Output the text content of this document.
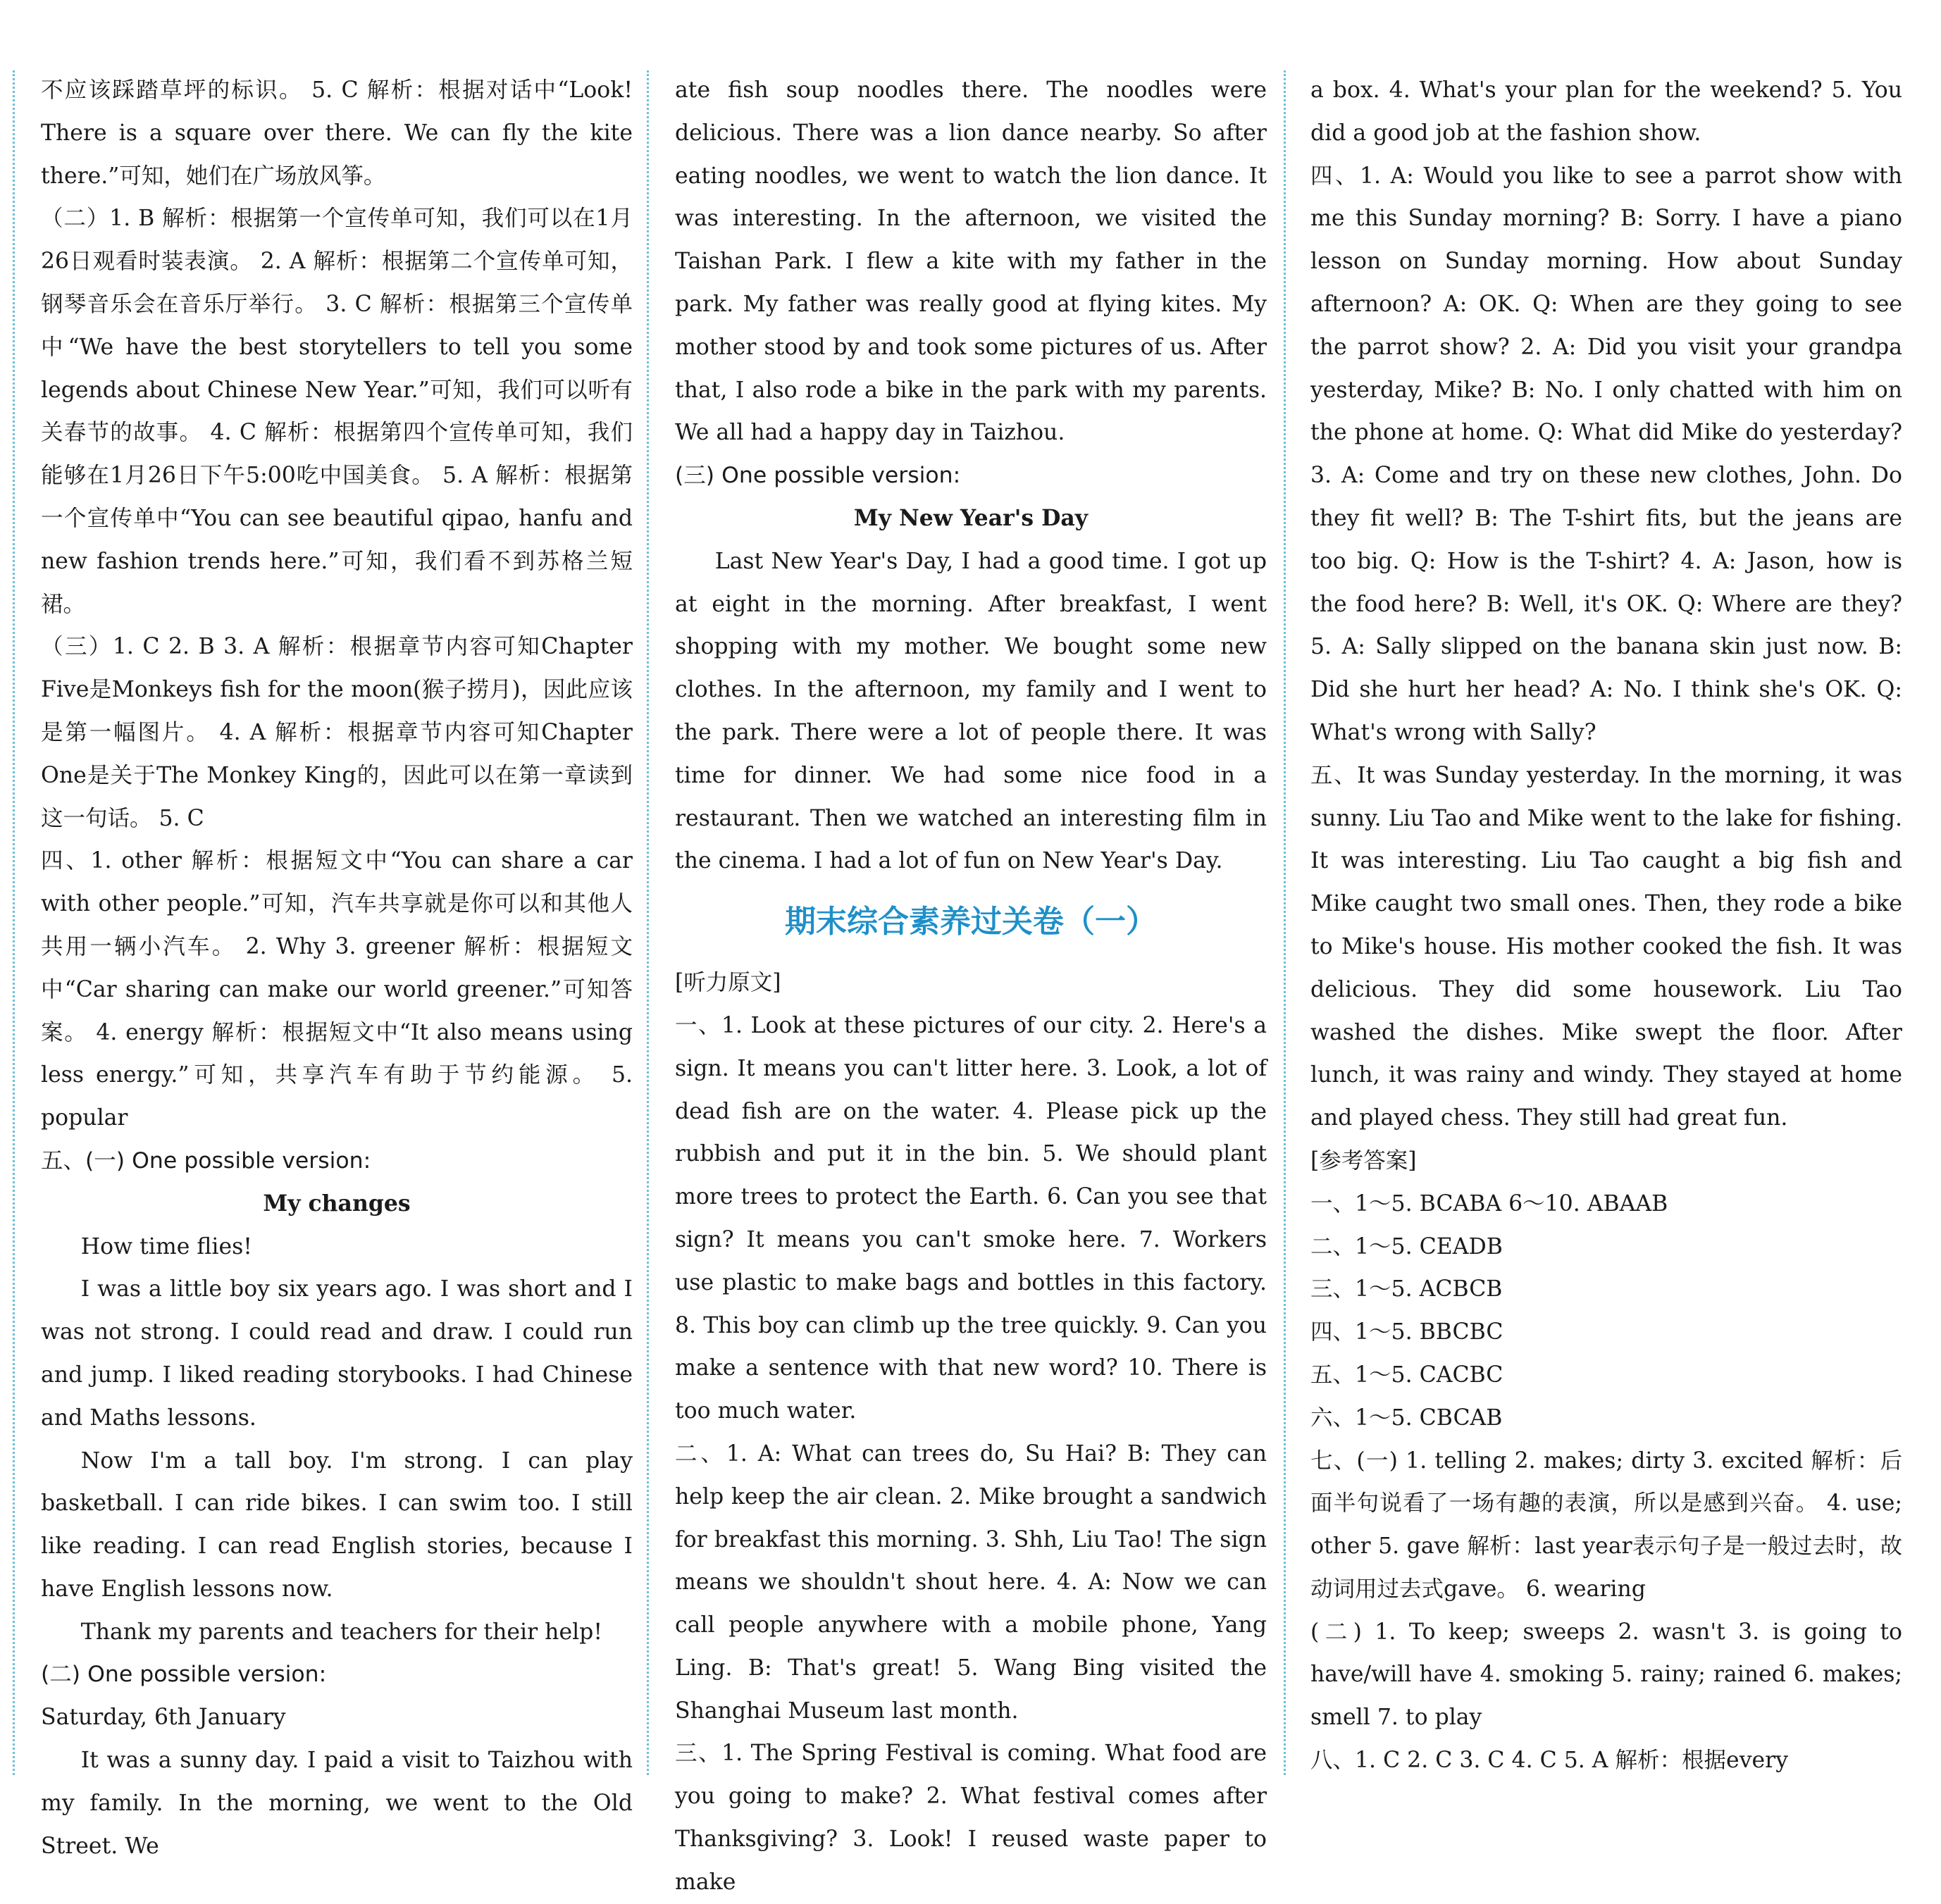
不应该踩踏草坪的标识。 5. C 解析：根据对话中“Look! There is a square over there. We can fly the kite there.”可知，她们在广场放风筝。

（二）1. B 解析：根据第一个宣传单可知，我们可以在1月26日观看时装表演。 2. A 解析：根据第二个宣传单可知，钢琴音乐会在音乐厅举行。 3. C 解析：根据第三个宣传单中“We have the best storytellers to tell you some legends about Chinese New Year.”可知，我们可以听有关春节的故事。 4. C 解析：根据第四个宣传单可知，我们能够在1月26日下午5:00吃中国美食。 5. A 解析：根据第一个宣传单中“You can see beautiful qipao, hanfu and new fashion trends here.”可知，我们看不到苏格兰短裙。

（三）1. C 2. B 3. A 解析：根据章节内容可知Chapter Five是Monkeys fish for the moon(猴子捞月)，因此应该是第一幅图片。 4. A 解析：根据章节内容可知Chapter One是关于The Monkey King的，因此可以在第一章读到这一句话。 5. C

四、1. other 解析：根据短文中“You can share a car with other people.”可知，汽车共享就是你可以和其他人共用一辆小汽车。 2. Why 3. greener 解析：根据短文中“Car sharing can make our world greener.”可知答案。 4. energy 解析：根据短文中“It also means using less energy.”可知，共享汽车有助于节约能源。 5. popular

五、(一) One possible version:

My changes

How time flies!

I was a little boy six years ago. I was short and I was not strong. I could read and draw. I could run and jump. I liked reading storybooks. I had Chinese and Maths lessons.

Now I'm a tall boy. I'm strong. I can play basketball. I can ride bikes. I can swim too. I still like reading. I can read English stories, because I have English lessons now.

Thank my parents and teachers for their help!

(二) One possible version:

Saturday, 6th January

It was a sunny day. I paid a visit to Taizhou with my family. In the morning, we went to the Old Street. We

ate fish soup noodles there. The noodles were delicious. There was a lion dance nearby. So after eating noodles, we went to watch the lion dance. It was interesting. In the afternoon, we visited the Taishan Park. I flew a kite with my father in the park. My father was really good at flying kites. My mother stood by and took some pictures of us. After that, I also rode a bike in the park with my parents. We all had a happy day in Taizhou.

(三) One possible version:

My New Year's Day

Last New Year's Day, I had a good time. I got up at eight in the morning. After breakfast, I went shopping with my mother. We bought some new clothes. In the afternoon, my family and I went to the park. There were a lot of people there. It was time for dinner. We had some nice food in a restaurant. Then we watched an interesting film in the cinema. I had a lot of fun on New Year's Day.

期末综合素养过关卷（一）

[听力原文]

一、1. Look at these pictures of our city. 2. Here's a sign. It means you can't litter here. 3. Look, a lot of dead fish are on the water. 4. Please pick up the rubbish and put it in the bin. 5. We should plant more trees to protect the Earth. 6. Can you see that sign? It means you can't smoke here. 7. Workers use plastic to make bags and bottles in this factory. 8. This boy can climb up the tree quickly. 9. Can you make a sentence with that new word? 10. There is too much water.

二、1. A: What can trees do, Su Hai? B: They can help keep the air clean. 2. Mike brought a sandwich for breakfast this morning. 3. Shh, Liu Tao! The sign means we shouldn't shout here. 4. A: Now we can call people anywhere with a mobile phone, Yang Ling. B: That's great! 5. Wang Bing visited the Shanghai Museum last month.

三、1. The Spring Festival is coming. What food are you going to make? 2. What festival comes after Thanksgiving? 3. Look! I reused waste paper to make

a box. 4. What's your plan for the weekend? 5. You did a good job at the fashion show.

四、1. A: Would you like to see a parrot show with me this Sunday morning? B: Sorry. I have a piano lesson on Sunday morning. How about Sunday afternoon? A: OK. Q: When are they going to see the parrot show? 2. A: Did you visit your grandpa yesterday, Mike? B: No. I only chatted with him on the phone at home. Q: What did Mike do yesterday? 3. A: Come and try on these new clothes, John. Do they fit well? B: The T-shirt fits, but the jeans are too big. Q: How is the T-shirt? 4. A: Jason, how is the food here? B: Well, it's OK. Q: Where are they? 5. A: Sally slipped on the banana skin just now. B: Did she hurt her head? A: No. I think she's OK. Q: What's wrong with Sally?

五、It was Sunday yesterday. In the morning, it was sunny. Liu Tao and Mike went to the lake for fishing. It was interesting. Liu Tao caught a big fish and Mike caught two small ones. Then, they rode a bike to Mike's house. His mother cooked the fish. It was delicious. They did some housework. Liu Tao washed the dishes. Mike swept the floor. After lunch, it was rainy and windy. They stayed at home and played chess. They still had great fun.

[参考答案]

一、1～5. BCABA 6～10. ABAAB

二、1～5. CEADB

三、1～5. ACBCB

四、1～5. BBCBC

五、1～5. CACBC

六、1～5. CBCAB

七、(一) 1. telling 2. makes; dirty 3. excited 解析：后面半句说看了一场有趣的表演，所以是感到兴奋。 4. use; other 5. gave 解析：last year表示句子是一般过去时，故动词用过去式gave。 6. wearing

(二) 1. To keep; sweeps 2. wasn't 3. is going to have/will have 4. smoking 5. rainy; rained 6. makes; smell 7. to play

八、1. C 2. C 3. C 4. C 5. A 解析：根据every
